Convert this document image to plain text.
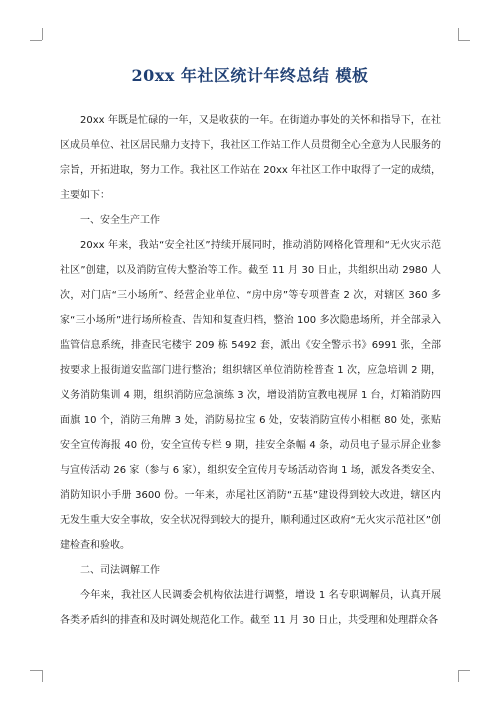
20xx 年社区统计年终总结 模板

20xx 年既是忙碌的一年，又是收获的一年。在街道办事处的关怀和指导下，在社区成员单位、社区居民鼎力支持下，我社区工作站工作人员贯彻全心全意为人民服务的宗旨，开拓进取，努力工作。我社区工作站在 20xx 年社区工作中取得了一定的成绩，主要如下：

一、安全生产工作

20xx 年来，我站“安全社区”持续开展同时，推动消防网格化管理和“无火灾示范社区”创建，以及消防宣传大整治等工作。截至 11 月 30 日止，共组织出动 2980 人次，对门店“三小场所”、经营企业单位、“房中房”等专项普查 2 次，对辖区 360 多家“三小场所”进行场所检查、告知和复查归档，整治 100 多次隐患场所，并全部录入监管信息系统，排查民宅楼宇 209 栋 5492 套，派出《安全警示书》6991 张，全部按要求上报街道安监部门进行整治；组织辖区单位消防栓普查 1 次，应急培训 2 期，义务消防集训 4 期，组织消防应急演练 3 次，增设消防宣教电视屏 1 台，灯箱消防四面旗 10 个，消防三角牌 3 处，消防易拉宝 6 处，安装消防宣传小相框 80 处，张贴安全宣传海报 40 份，安全宣传专栏 9 期，挂安全条幅 4 条，动员电子显示屏企业参与宣传活动 26 家（参与 6 家），组织安全宣传月专场活动咨询 1 场，派发各类安全、消防知识小手册 3600 份。一年来，赤尾社区消防“五基”建设得到较大改进，辖区内无发生重大安全事故，安全状况得到较大的提升，顺利通过区政府“无火灾示范社区”创建检查和验收。

二、司法调解工作

今年来，我社区人民调委会机构依法进行调整，增设 1 名专职调解员，认真开展各类矛盾纠的排查和及时调处规范化工作。截至 11 月 30 日止，共受理和处理群众各
